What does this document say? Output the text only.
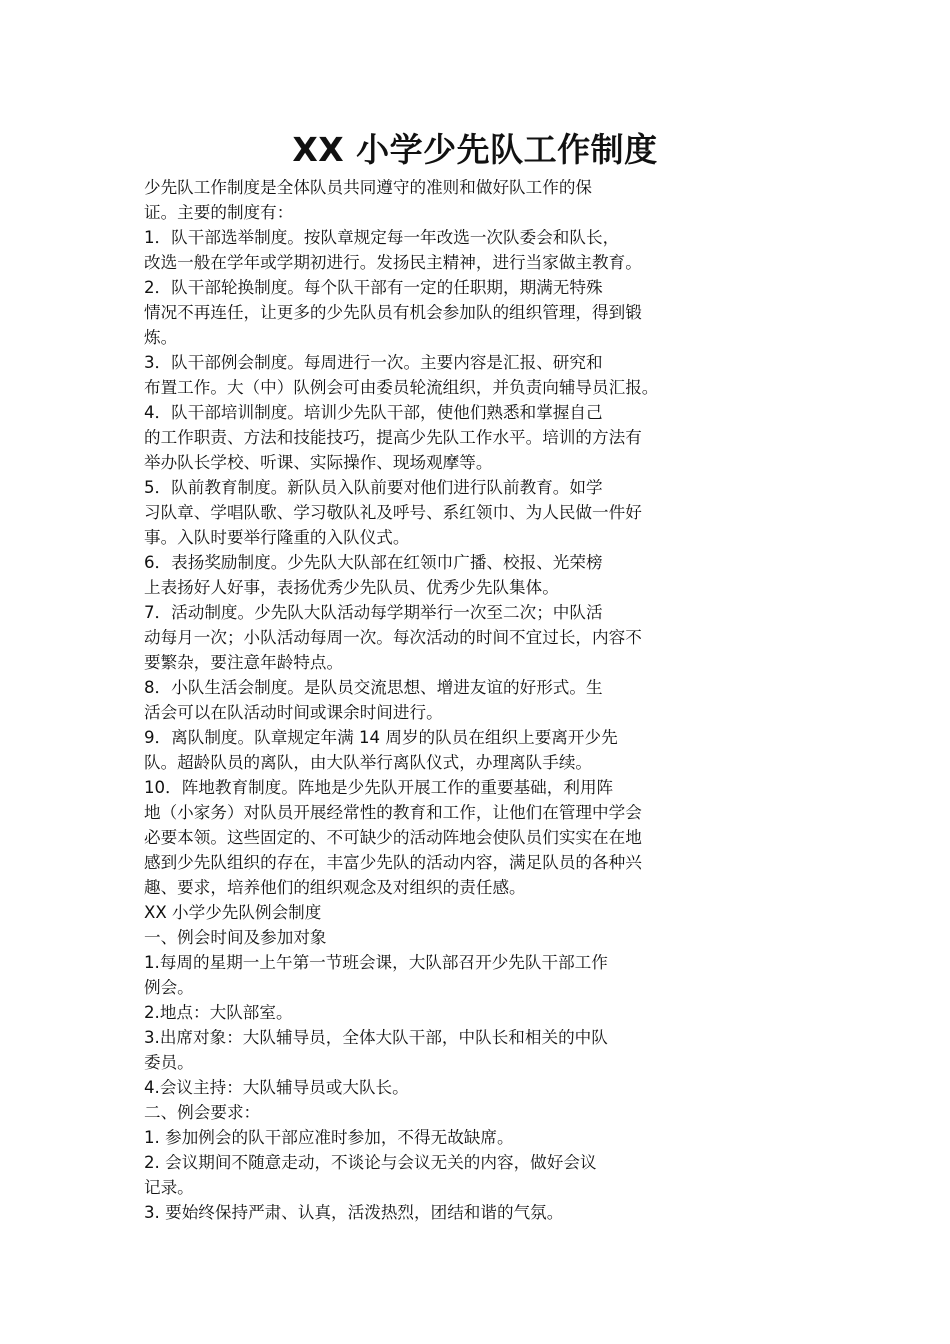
XX 小学少先队工作制度
少先队工作制度是全体队员共同遵守的准则和做好队工作的保
证。主要的制度有：
1．队干部选举制度。按队章规定每一年改选一次队委会和队长，
改选一般在学年或学期初进行。发扬民主精神，进行当家做主教育。
2．队干部轮换制度。每个队干部有一定的任职期，期满无特殊
情况不再连任，让更多的少先队员有机会参加队的组织管理，得到锻
炼。
3．队干部例会制度。每周进行一次。主要内容是汇报、研究和
布置工作。大（中）队例会可由委员轮流组织，并负责向辅导员汇报。
4．队干部培训制度。培训少先队干部，使他们熟悉和掌握自己
的工作职责、方法和技能技巧，提高少先队工作水平。培训的方法有
举办队长学校、听课、实际操作、现场观摩等。
5．队前教育制度。新队员入队前要对他们进行队前教育。如学
习队章、学唱队歌、学习敬队礼及呼号、系红领巾、为人民做一件好
事。入队时要举行隆重的入队仪式。
6．表扬奖励制度。少先队大队部在红领巾广播、校报、光荣榜
上表扬好人好事，表扬优秀少先队员、优秀少先队集体。
7．活动制度。少先队大队活动每学期举行一次至二次；中队活
动每月一次；小队活动每周一次。每次活动的时间不宜过长，内容不
要繁杂，要注意年龄特点。
8．小队生活会制度。是队员交流思想、增进友谊的好形式。生
活会可以在队活动时间或课余时间进行。
9．离队制度。队章规定年满 14 周岁的队员在组织上要离开少先
队。超龄队员的离队，由大队举行离队仪式，办理离队手续。
10．阵地教育制度。阵地是少先队开展工作的重要基础，利用阵
地（小家务）对队员开展经常性的教育和工作，让他们在管理中学会
必要本领。这些固定的、不可缺少的活动阵地会使队员们实实在在地
感到少先队组织的存在，丰富少先队的活动内容，满足队员的各种兴
趣、要求，培养他们的组织观念及对组织的责任感。
XX 小学少先队例会制度
一、例会时间及参加对象
1.每周的星期一上午第一节班会课，大队部召开少先队干部工作
例会。
2.地点：大队部室。
3.出席对象：大队辅导员，全体大队干部，中队长和相关的中队
委员。
4.会议主持：大队辅导员或大队长。
二、例会要求：
1. 参加例会的队干部应准时参加，不得无故缺席。
2. 会议期间不随意走动，不谈论与会议无关的内容，做好会议
记录。
3. 要始终保持严肃、认真，活泼热烈，团结和谐的气氛。
